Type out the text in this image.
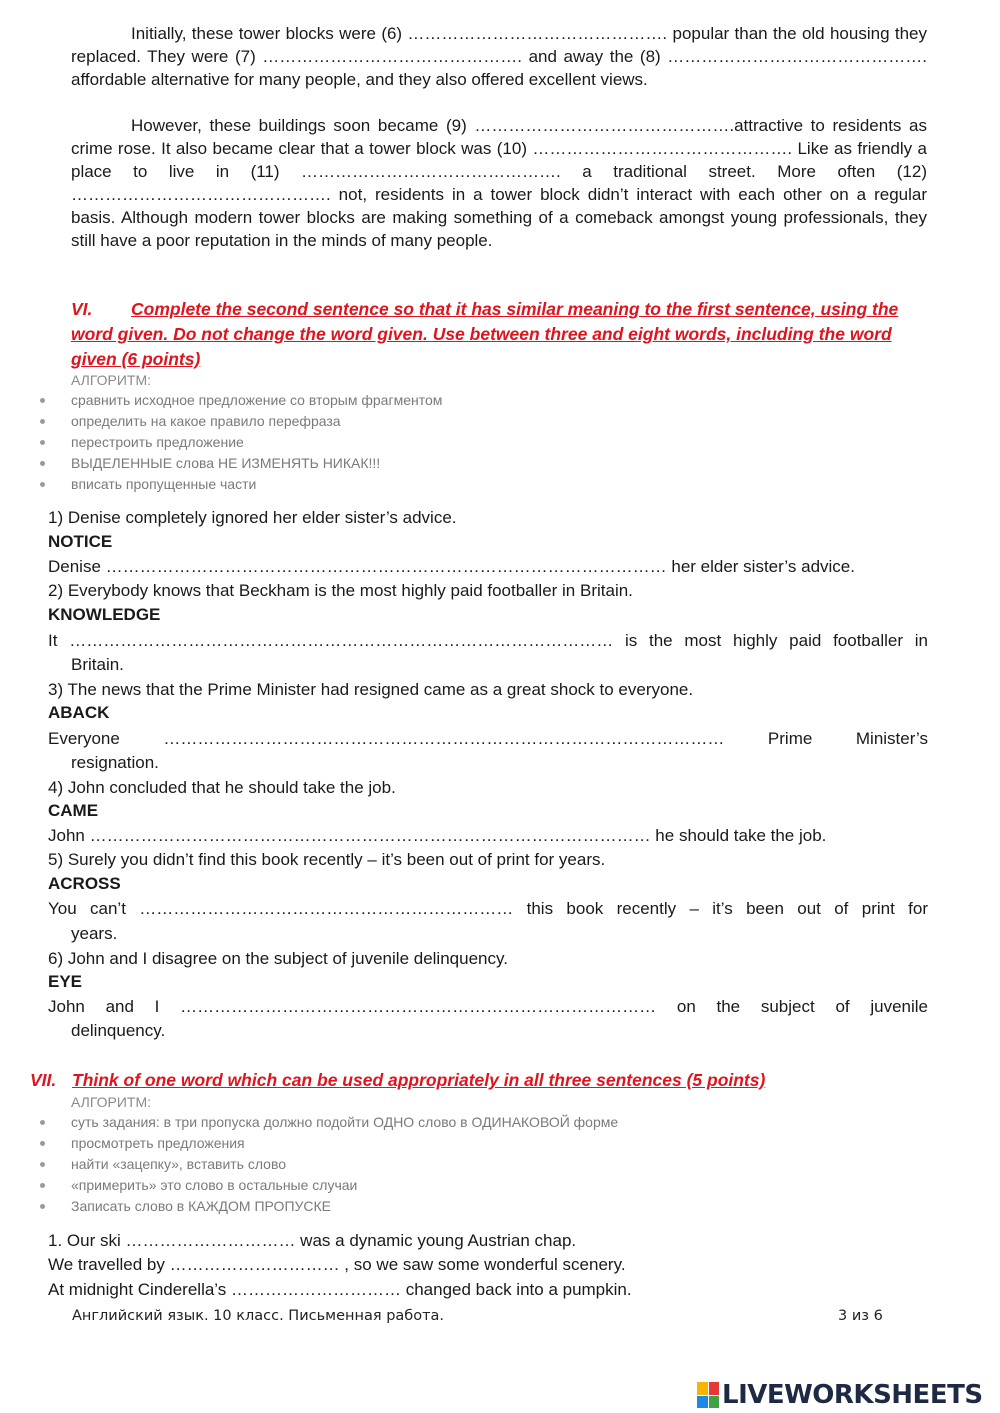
Initially, these tower blocks were (6) ………………………………………. popular than the old housing they replaced. They were (7) ………………………………………. and away the (8) ………………………………………. affordable alternative for many people, and they also offered excellent views.

However, these buildings soon became (9) ……………………………………….attractive to residents as crime rose. It also became clear that a tower block was (10) ………………………………………. Like as friendly a place to live in (11) ………………………………………. a traditional street. More often (12) ………………………………………. not, residents in a tower block didn’t interact with each other on a regular basis. Although modern tower blocks are making something of a comeback amongst young professionals, they still have a poor reputation in the minds of many people.

VI. Complete the second sentence so that it has similar meaning to the first sentence, using the word given. Do not change the word given. Use between three and eight words, including the word given (6 points)

АЛГОРИТМ:
сравнить исходное предложение со вторым фрагментом
определить на какое правило перефраза
перестроить предложение
ВЫДЕЛЕННЫЕ слова НЕ ИЗМЕНЯТЬ НИКАК!!!
вписать пропущенные части
1) Denise completely ignored her elder sister’s advice.
NOTICE
Denise ……………………………………………………………………………………… her elder sister’s advice.
2) Everybody knows that Beckham is the most highly paid footballer in Britain.
KNOWLEDGE
It …………………………………………………………………………………… is the most highly paid footballer in
Britain.
3) The news that the Prime Minister had resigned came as a great shock to everyone.
ABACK
Everyone ……………………………………………………………………………………… Prime Minister’s
resignation.
4) John concluded that he should take the job.
CAME
John ……………………………………………………………………………………… he should take the job.
5) Surely you didn’t find this book recently – it’s been out of print for years.
ACROSS
You can’t ………………………………………………………… this book recently – it’s been out of print for
years.
6) John and I disagree on the subject of juvenile delinquency.
EYE
John and I ………………………………………………………………………… on the subject of juvenile
delinquency.

VII. Think of one word which can be used appropriately in all three sentences (5 points)

АЛГОРИТМ:
суть задания: в три пропуска должно подойти ОДНО слово в ОДИНАКОВОЙ форме
просмотреть предложения
найти «зацепку», вставить слово
«примерить» это слово в остальные случаи
Записать слово в КАЖДОМ ПРОПУСКЕ
1. Our ski ………………………… was a dynamic young Austrian chap.
We travelled by ………………………… , so we saw some wonderful scenery.
At midnight Cinderella’s ………………………… changed back into a pumpkin.
Английский язык. 10 класс. Письменная работа.	3 из 6
LIVEWORKSHEETS
